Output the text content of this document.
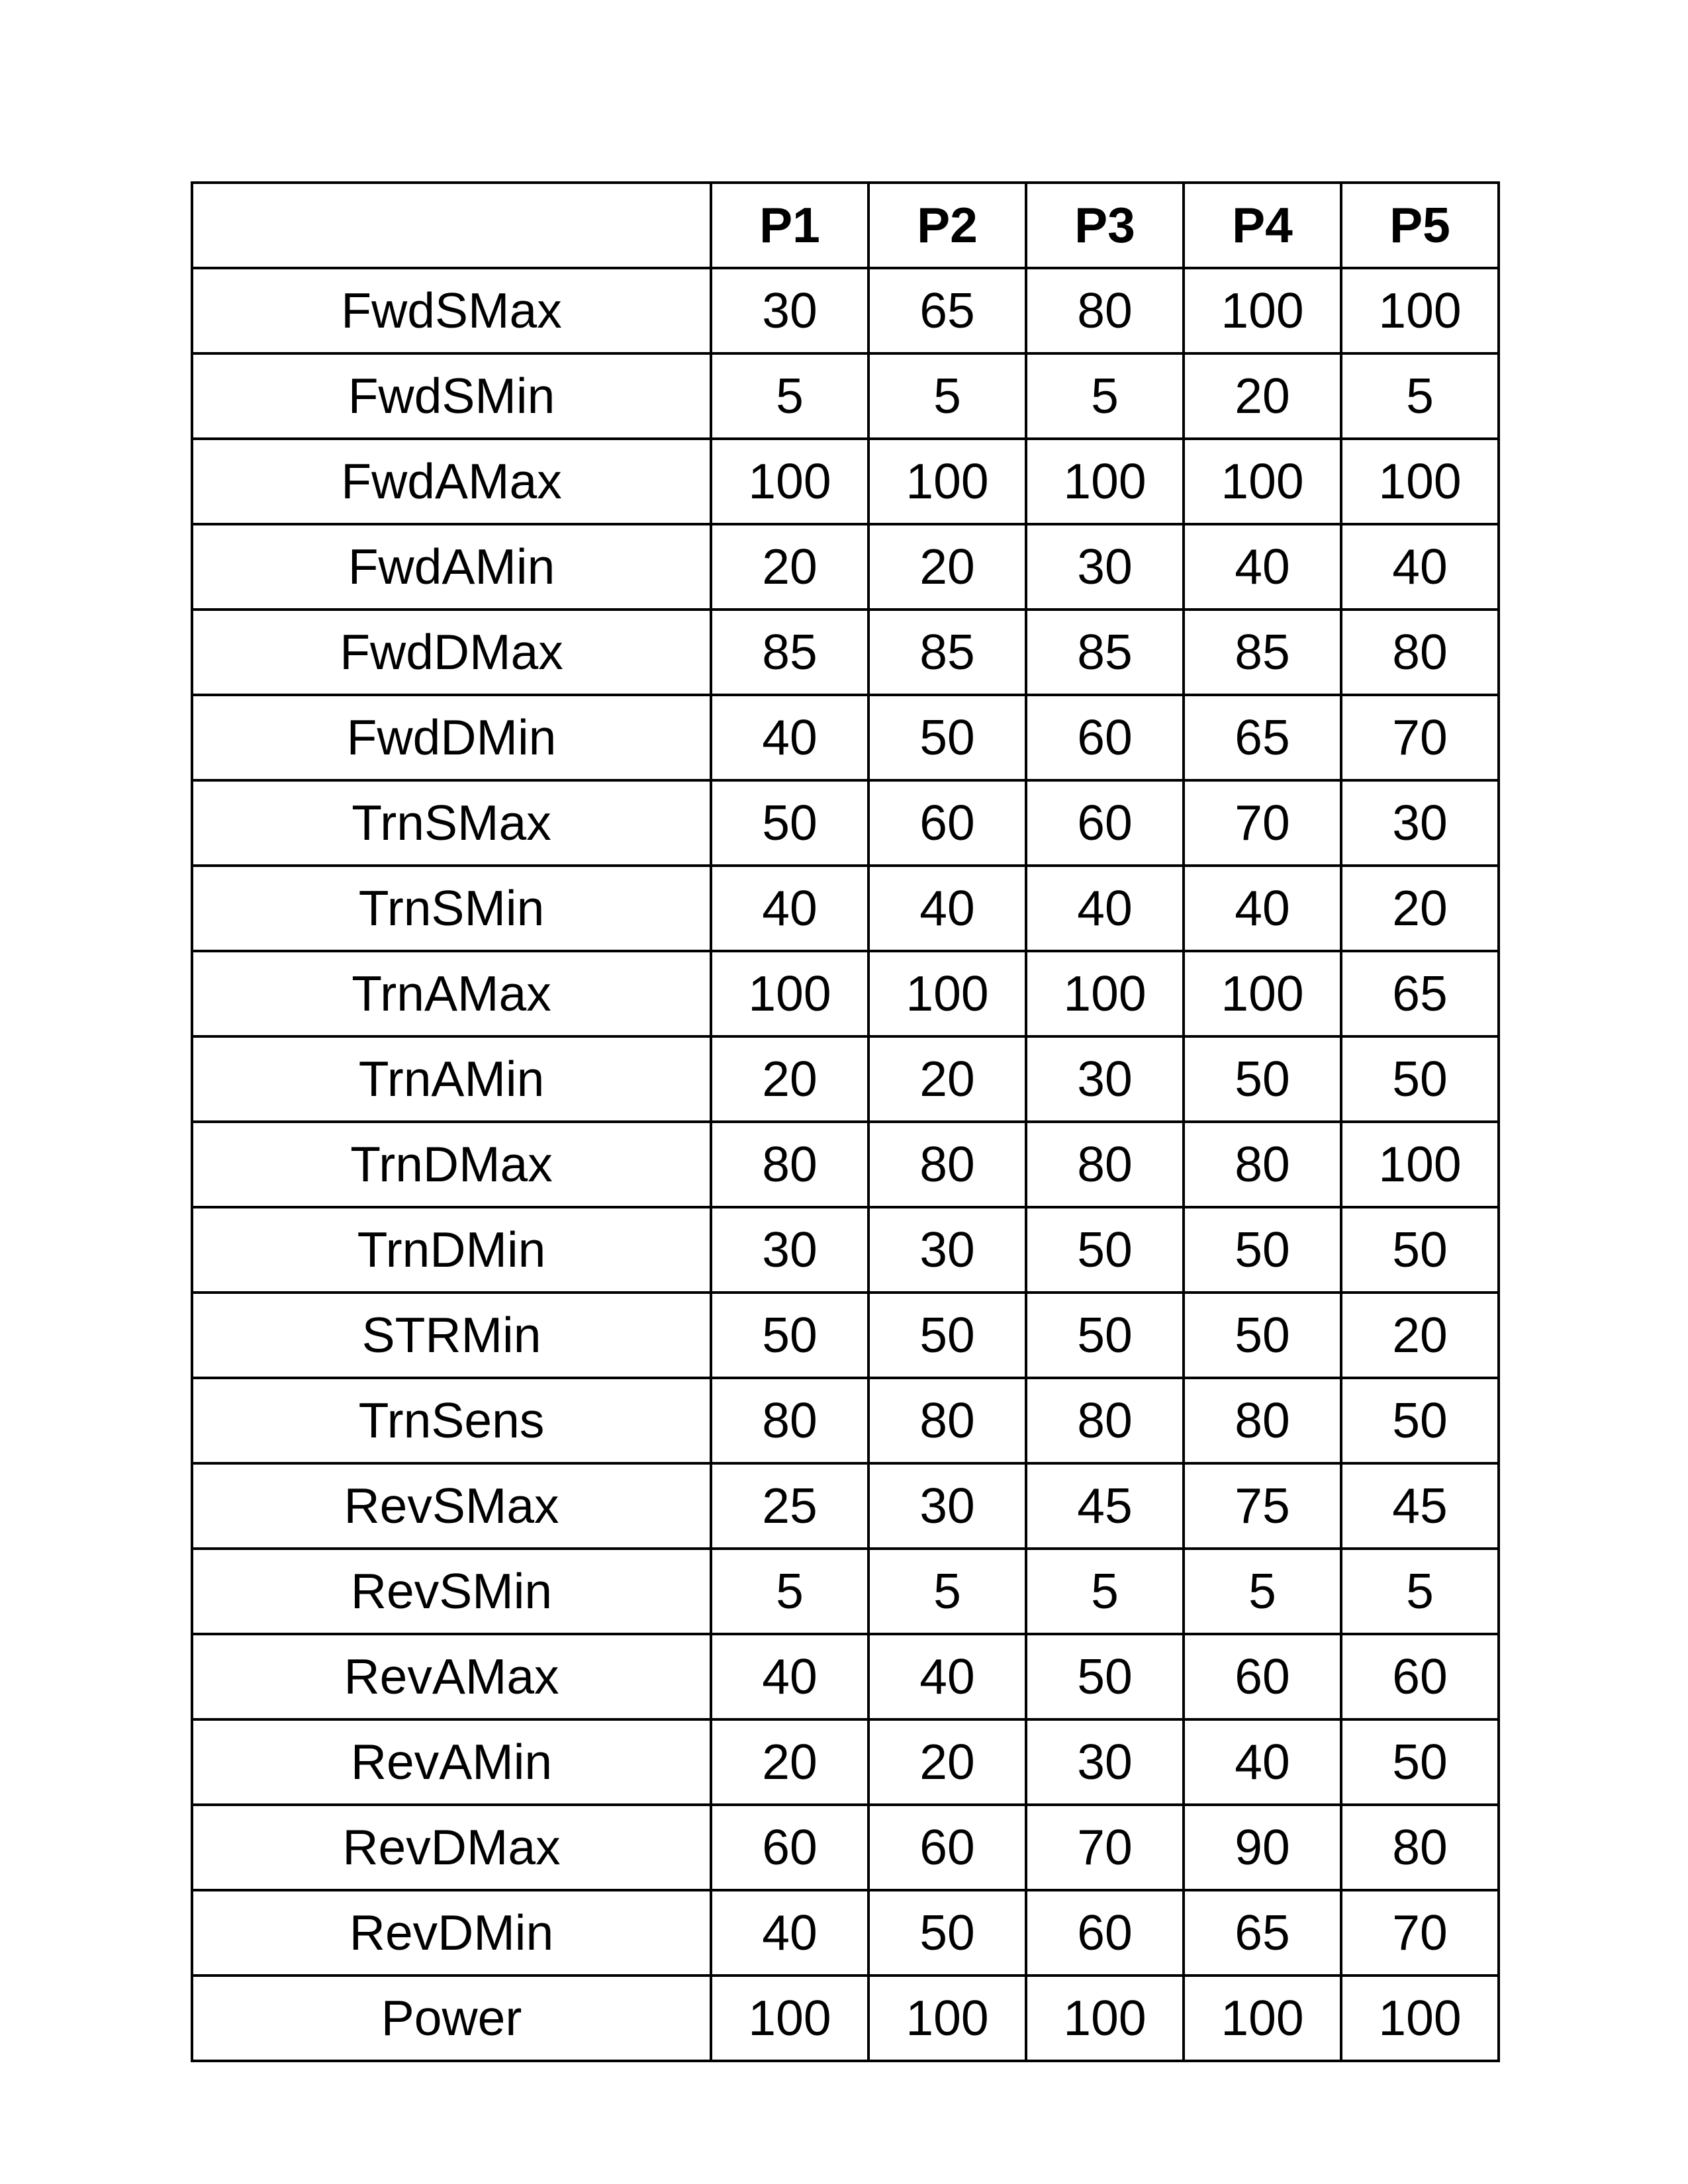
	P1	P2	P3	P4	P5
FwdSMax	30	65	80	100	100
FwdSMin	5	5	5	20	5
FwdAMax	100	100	100	100	100
FwdAMin	20	20	30	40	40
FwdDMax	85	85	85	85	80
FwdDMin	40	50	60	65	70
TrnSMax	50	60	60	70	30
TrnSMin	40	40	40	40	20
TrnAMax	100	100	100	100	65
TrnAMin	20	20	30	50	50
TrnDMax	80	80	80	80	100
TrnDMin	30	30	50	50	50
STRMin	50	50	50	50	20
TrnSens	80	80	80	80	50
RevSMax	25	30	45	75	45
RevSMin	5	5	5	5	5
RevAMax	40	40	50	60	60
RevAMin	20	20	30	40	50
RevDMax	60	60	70	90	80
RevDMin	40	50	60	65	70
Power	100	100	100	100	100
